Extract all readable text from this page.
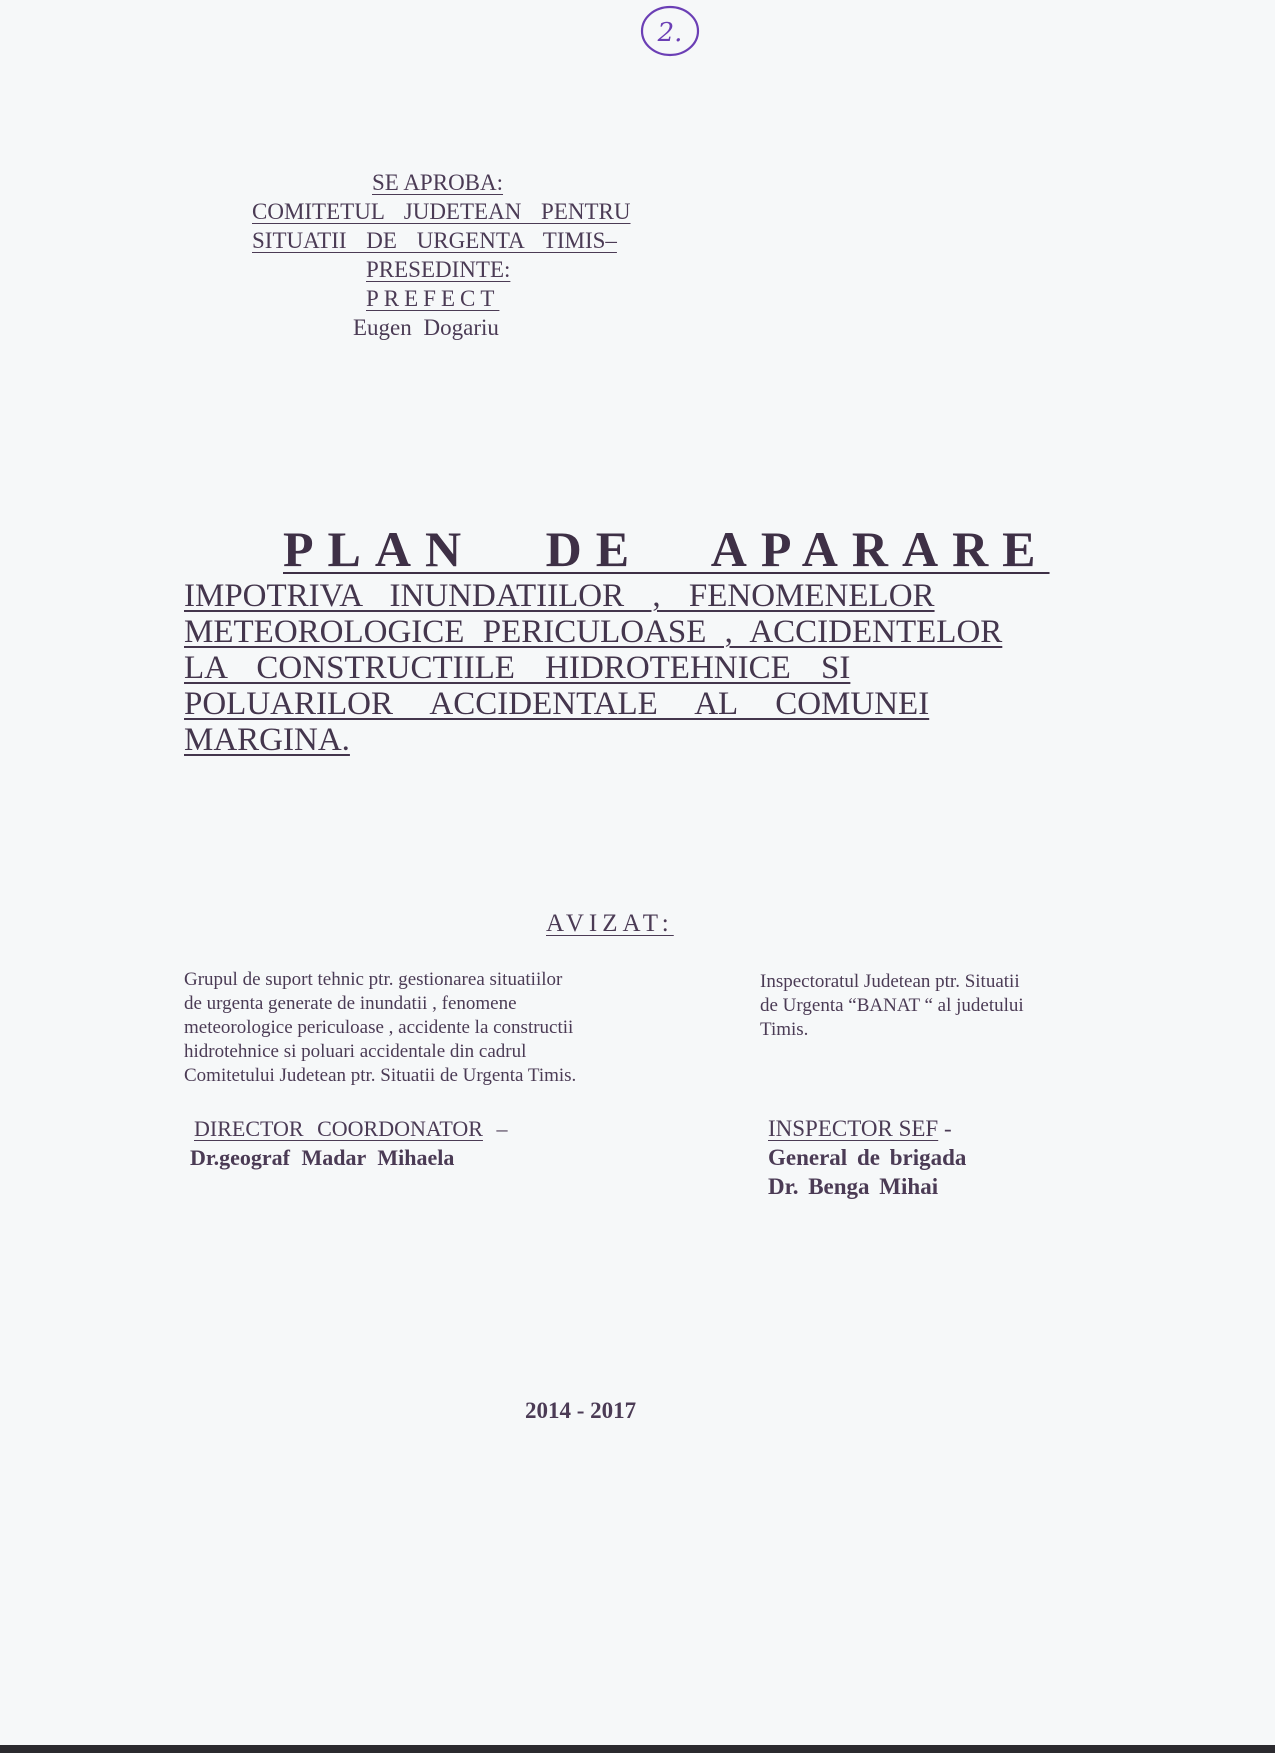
2.
SE APROBA:
COMITETUL JUDETEAN PENTRU
SITUATII DE URGENTA TIMIS–
PRESEDINTE:
PREFECT
Eugen Dogariu
PLAN DE APARARE
IMPOTRIVA INUNDATIILOR , FENOMENELOR
METEOROLOGICE PERICULOASE , ACCIDENTELOR
LA CONSTRUCTIILE HIDROTEHNICE SI
POLUARILOR ACCIDENTALE AL COMUNEI
MARGINA.
AVIZAT:
Grupul de suport tehnic ptr. gestionarea situatiilor
de urgenta generate de inundatii , fenomene
meteorologice periculoase , accidente la constructii
hidrotehnice si poluari accidentale din cadrul
Comitetului Judetean ptr. Situatii de Urgenta Timis.
Inspectoratul Judetean ptr. Situatii
de Urgenta “BANAT “ al judetului
Timis.
DIRECTOR COORDONATOR –
Dr.geograf Madar Mihaela
INSPECTOR SEF -
General de brigada
Dr. Benga Mihai
2014 - 2017
